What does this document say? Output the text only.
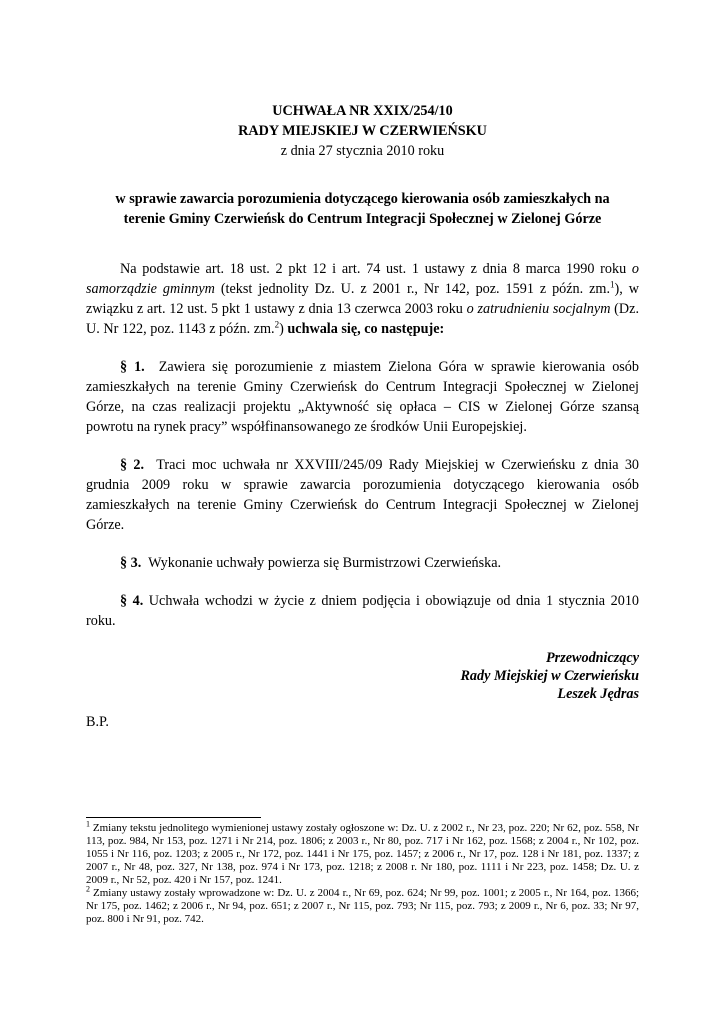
UCHWAŁA NR XXIX/254/10
RADY MIEJSKIEJ W CZERWIEŃSKU
z dnia 27 stycznia 2010 roku
w sprawie zawarcia porozumienia dotyczącego kierowania osób zamieszkałych na
terenie Gminy Czerwieńsk do Centrum Integracji Społecznej w Zielonej Górze

Na podstawie art. 18 ust. 2 pkt 12 i art. 74 ust. 1 ustawy z dnia 8 marca 1990 roku o samorządzie gminnym (tekst jednolity Dz. U. z 2001 r., Nr 142, poz. 1591 z późn. zm.$^1$), w związku z art. 12 ust. 5 pkt 1 ustawy z dnia 13 czerwca 2003 roku o zatrudnieniu socjalnym (Dz. U. Nr 122, poz. 1143 z późn. zm.$^2$) uchwala się, co następuje:

§ 1. Zawiera się porozumienie z miastem Zielona Góra w sprawie kierowania osób zamieszkałych na terenie Gminy Czerwieńsk do Centrum Integracji Społecznej w Zielonej Górze, na czas realizacji projektu „Aktywność się opłaca – CIS w Zielonej Górze szansą powrotu na rynek pracy” współfinansowanego ze środków Unii Europejskiej.

§ 2. Traci moc uchwała nr XXVIII/245/09 Rady Miejskiej w Czerwieńsku z dnia 30 grudnia 2009 roku w sprawie zawarcia porozumienia dotyczącego kierowania osób zamieszkałych na terenie Gminy Czerwieńsk do Centrum Integracji Społecznej w Zielonej Górze.

§ 3. Wykonanie uchwały powierza się Burmistrzowi Czerwieńska.

§ 4. Uchwała wchodzi w życie z dniem podjęcia i obowiązuje od dnia 1 stycznia 2010 roku.

Przewodniczący
Rady Miejskiej w Czerwieńsku
Leszek Jędras
B.P.

$^1$ Zmiany tekstu jednolitego wymienionej ustawy zostały ogłoszone w: Dz. U. z 2002 r., Nr 23, poz. 220; Nr 62, poz. 558, Nr 113, poz. 984, Nr 153, poz. 1271 i Nr 214, poz. 1806; z 2003 r., Nr 80, poz. 717 i Nr 162, poz. 1568; z 2004 r., Nr 102, poz. 1055 i Nr 116, poz. 1203; z 2005 r., Nr 172, poz. 1441 i Nr 175, poz. 1457; z 2006 r., Nr 17, poz. 128 i Nr 181, poz. 1337; z 2007 r., Nr 48, poz. 327, Nr 138, poz. 974 i Nr 173, poz. 1218; z 2008 r. Nr 180, poz. 1111 i Nr 223, poz. 1458; Dz. U. z 2009 r., Nr 52, poz. 420 i Nr 157, poz. 1241.

$^2$ Zmiany ustawy zostały wprowadzone w: Dz. U. z 2004 r., Nr 69, poz. 624; Nr 99, poz. 1001; z 2005 r., Nr 164, poz. 1366; Nr 175, poz. 1462; z 2006 r., Nr 94, poz. 651; z 2007 r., Nr 115, poz. 793; Nr 115, poz. 793; z 2009 r., Nr 6, poz. 33; Nr 97, poz. 800 i Nr 91, poz. 742.
